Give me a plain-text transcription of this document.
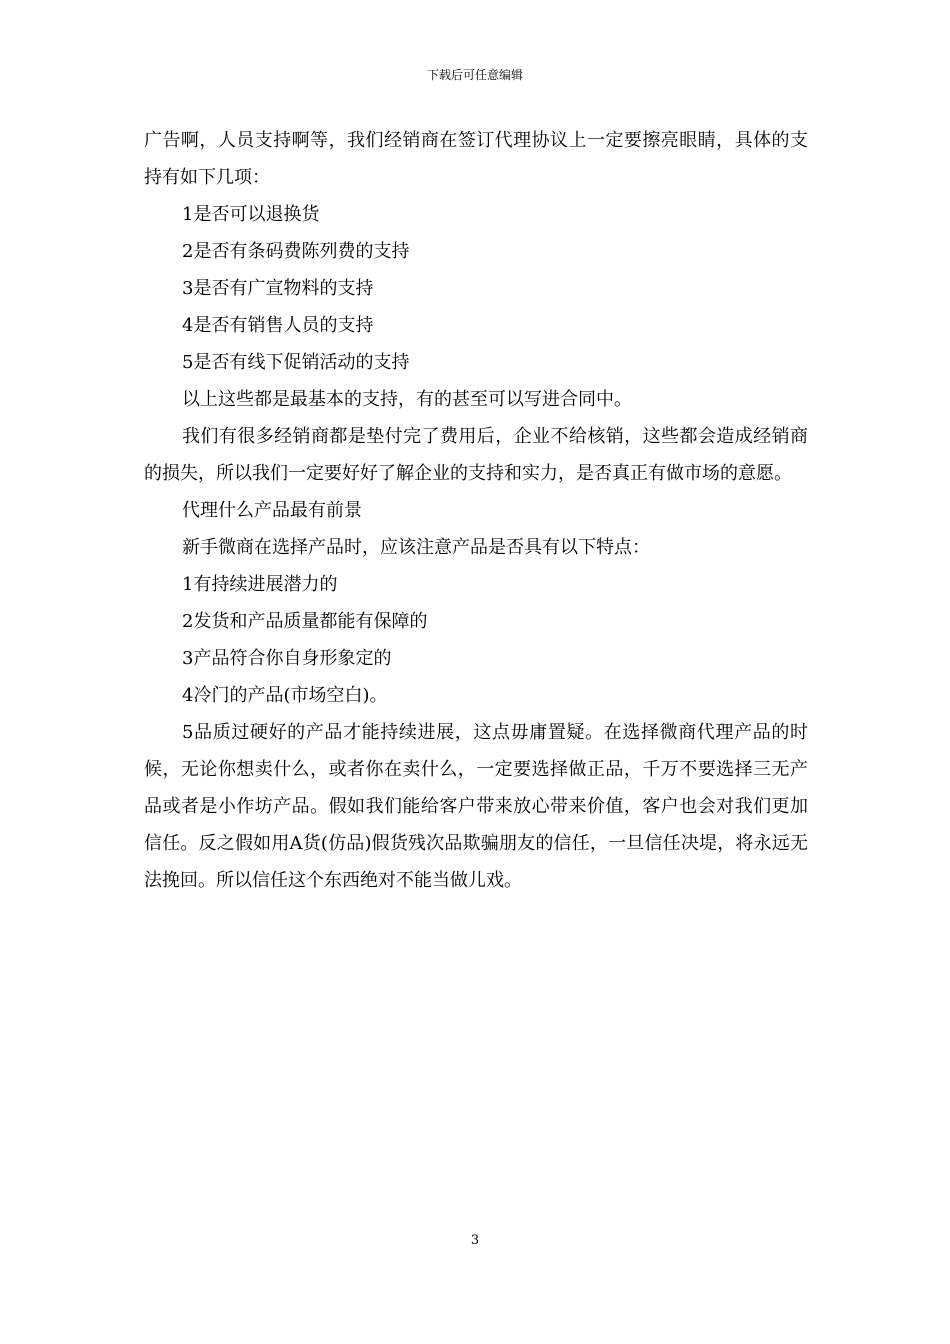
下载后可任意编辑

广告啊，人员支持啊等，我们经销商在签订代理协议上一定要擦亮眼睛，具体的支持有如下几项：

1是否可以退换货

2是否有条码费陈列费的支持

3是否有广宣物料的支持

4是否有销售人员的支持

5是否有线下促销活动的支持

以上这些都是最基本的支持，有的甚至可以写进合同中。

我们有很多经销商都是垫付完了费用后，企业不给核销，这些都会造成经销商的损失，所以我们一定要好好了解企业的支持和实力，是否真正有做市场的意愿。

代理什么产品最有前景

新手微商在选择产品时，应该注意产品是否具有以下特点：

1有持续进展潜力的

2发货和产品质量都能有保障的

3产品符合你自身形象定的

4冷门的产品(市场空白)。

5品质过硬好的产品才能持续进展，这点毋庸置疑。在选择微商代理产品的时候，无论你想卖什么，或者你在卖什么，一定要选择做正品，千万不要选择三无产品或者是小作坊产品。假如我们能给客户带来放心带来价值，客户也会对我们更加信任。反之假如用A货(仿品)假货残次品欺骗朋友的信任，一旦信任决堤，将永远无法挽回。所以信任这个东西绝对不能当做儿戏。

3
